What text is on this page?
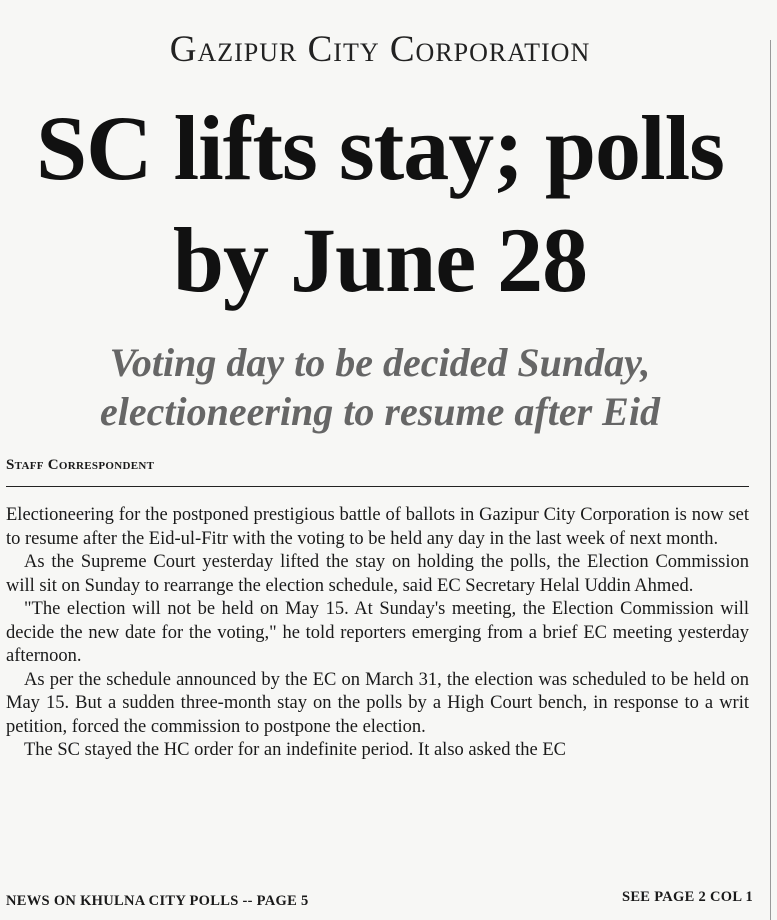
Gazipur City Corporation
SC lifts stay; polls
by June 28
Voting day to be decided Sunday,
electioneering to resume after Eid
Staff Correspondent

Electioneering for the postponed prestigious battle of ballots in Gazipur City Corporation is now set to resume after the Eid-ul-Fitr with the voting to be held any day in the last week of next month.

As the Supreme Court yesterday lifted the stay on holding the polls, the Election Commission will sit on Sunday to rearrange the election schedule, said EC Secretary Helal Uddin Ahmed.

"The election will not be held on May 15. At Sunday's meeting, the Election Commission will decide the new date for the voting," he told reporters emerging from a brief EC meeting yesterday afternoon.

As per the schedule announced by the EC on March 31, the election was scheduled to be held on May 15. But a sudden three-month stay on the polls by a High Court bench, in response to a writ petition, forced the commission to postpone the election.

The SC stayed the HC order for an indefinite period. It also asked the EC

NEWS ON KHULNA CITY POLLS -- PAGE 5	SEE PAGE 2 COL 1
